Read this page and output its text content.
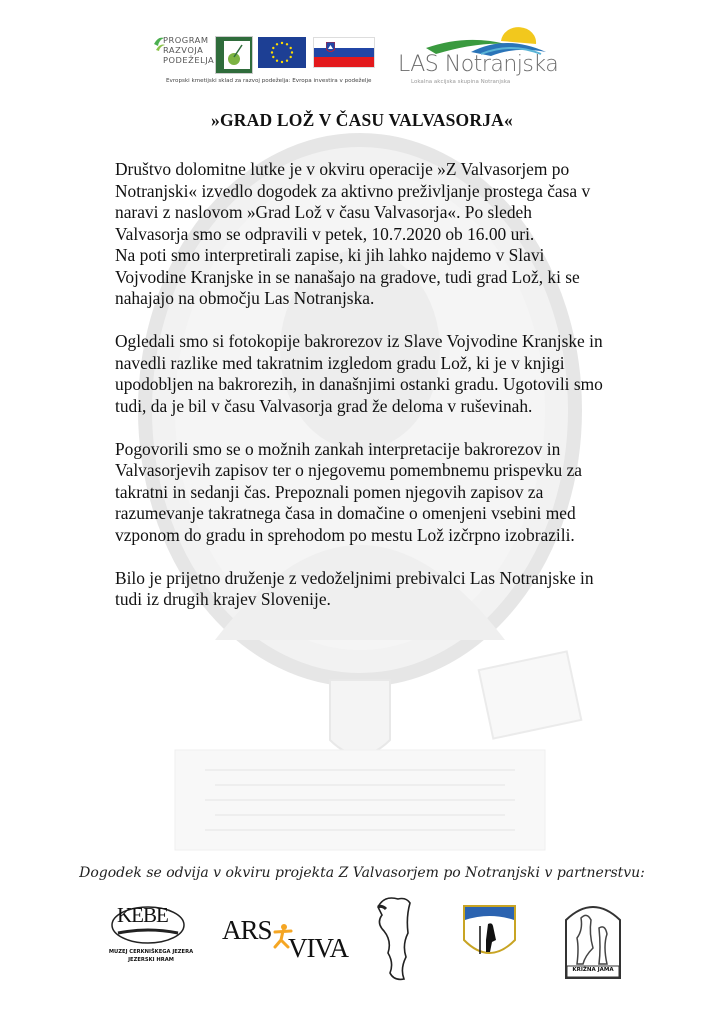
PROGRAM
RAZVOJA
PODEŽELJA
Evropski kmetijski sklad za razvoj podeželja: Evropa investira v podeželje
LAS Notranjska
Lokalna akcijska skupina Notranjska
»GRAD LOŽ V ČASU VALVASORJA«

Društvo dolomitne lutke je v okviru operacije »Z Valvasorjem po
Notranjski« izvedlo dogodek za aktivno preživljanje prostega časa v
naravi z naslovom »Grad Lož v času Valvasorja«. Po sledeh
Valvasorja smo se odpravili v petek, 10.7.2020 ob 16.00 uri.
Na poti smo interpretirali zapise, ki jih lahko najdemo v Slavi
Vojvodine Kranjske in se nanašajo na gradove, tudi grad Lož, ki se
nahajajo na območju Las Notranjska.

Ogledali smo si fotokopije bakrorezov iz Slave Vojvodine Kranjske in
navedli razlike med takratnim izgledom gradu Lož, ki je v knjigi
upodobljen na bakrorezih, in današnjimi ostanki gradu. Ugotovili smo
tudi, da je bil v času Valvasorja grad že deloma v ruševinah.

Pogovorili smo se o možnih zankah interpretacije bakrorezov in
Valvasorjevih zapisov ter o njegovemu pomembnemu prispevku za
takratni in sedanji čas. Prepoznali pomen njegovih zapisov za
razumevanje takratnega časa in domačine o omenjeni vsebini med
vzponom do gradu in sprehodom po mestu Lož izčrpno izobrazili.

Bilo je prijetno druženje z vedoželjnimi prebivalci Las Notranjske in
tudi iz drugih krajev Slovenije.

Dogodek se odvija v okviru projekta Z Valvasorjem po Notranjski v partnerstvu:
KEBE
MUZEJ CERKNIŠKEGA JEZERA
JEZERSKI HRAM
ARS
VIVA
KRIŽNA JAMA
